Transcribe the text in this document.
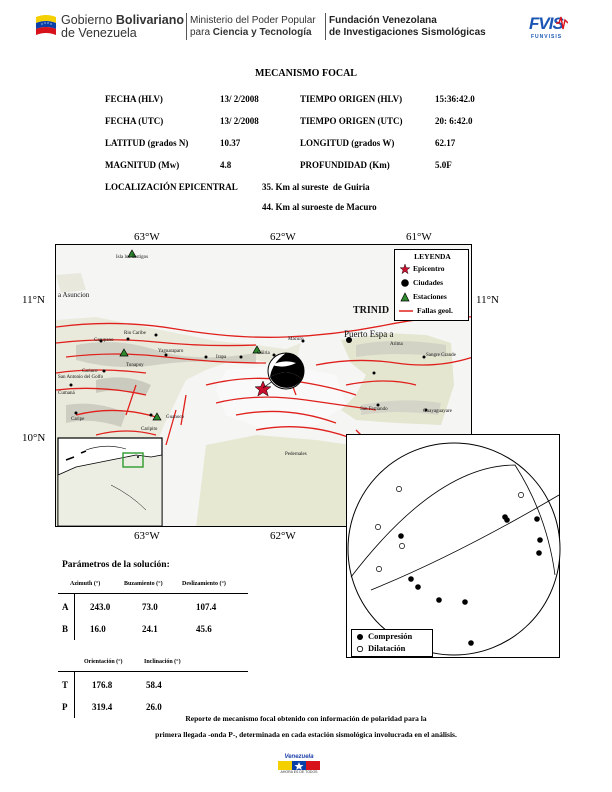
Gobierno Bolivariano
de Venezuela
Ministerio del Poder Popular
para Ciencia y Tecnología
Fundación Venezolana
de Investigaciones Sismológicas	FVIS
FUNVISIS
MECANISMO FOCAL
FECHA (HLV)	13/ 2/2008	TIEMPO ORIGEN (HLV)	15:36:42.0
FECHA (UTC)	13/ 2/2008	TIEMPO ORIGEN (UTC)	20: 6:42.0
LATITUD (grados N)	10.37	LONGITUD (grados W)	62.17
MAGNITUD (Mw)	4.8	PROFUNDIDAD (Km)	5.0F
LOCALIZACIÓN EPICENTRAL	35. Km al sureste  de Guiria
44. Km al suroeste de Macuro
63°W	62°W	61°W
11°N	11°N
10°N
63°W	62°W
Isla los Testigos
a Asuncion
TRINID
Puerto Espa a
Rio Caribe
Carupano
Yaguaraparo
Irapa
Güiria
Macuro
Arima
Sangre Grande
Tunapuy
Cariaco
San Antonio del Golfo
Cumaná
Caripe	Guanoco
Caripito
San Fernando	Guayaguayare
Pedernales
LEYENDA
Epicentro
Ciudades
Estaciones
Fallas geol.
Compresión
Dilatación
Parámetros de la solución:
Azimuth (°)	Buzamiento (°)	Deslizamiento (°)
A 243.0	73.0	107.4
B 16.0	24.1	45.6
Orientación (°)	Inclinación (°)
T	176.8	58.4
P	319.4	26.0
Reporte de mecanismo focal obtenido con información de polaridad para la
primera llegada -onda P-, determinada en cada estación sismológica involucrada en el análisis.
Venezuela
AHORA ES DE TODOS
